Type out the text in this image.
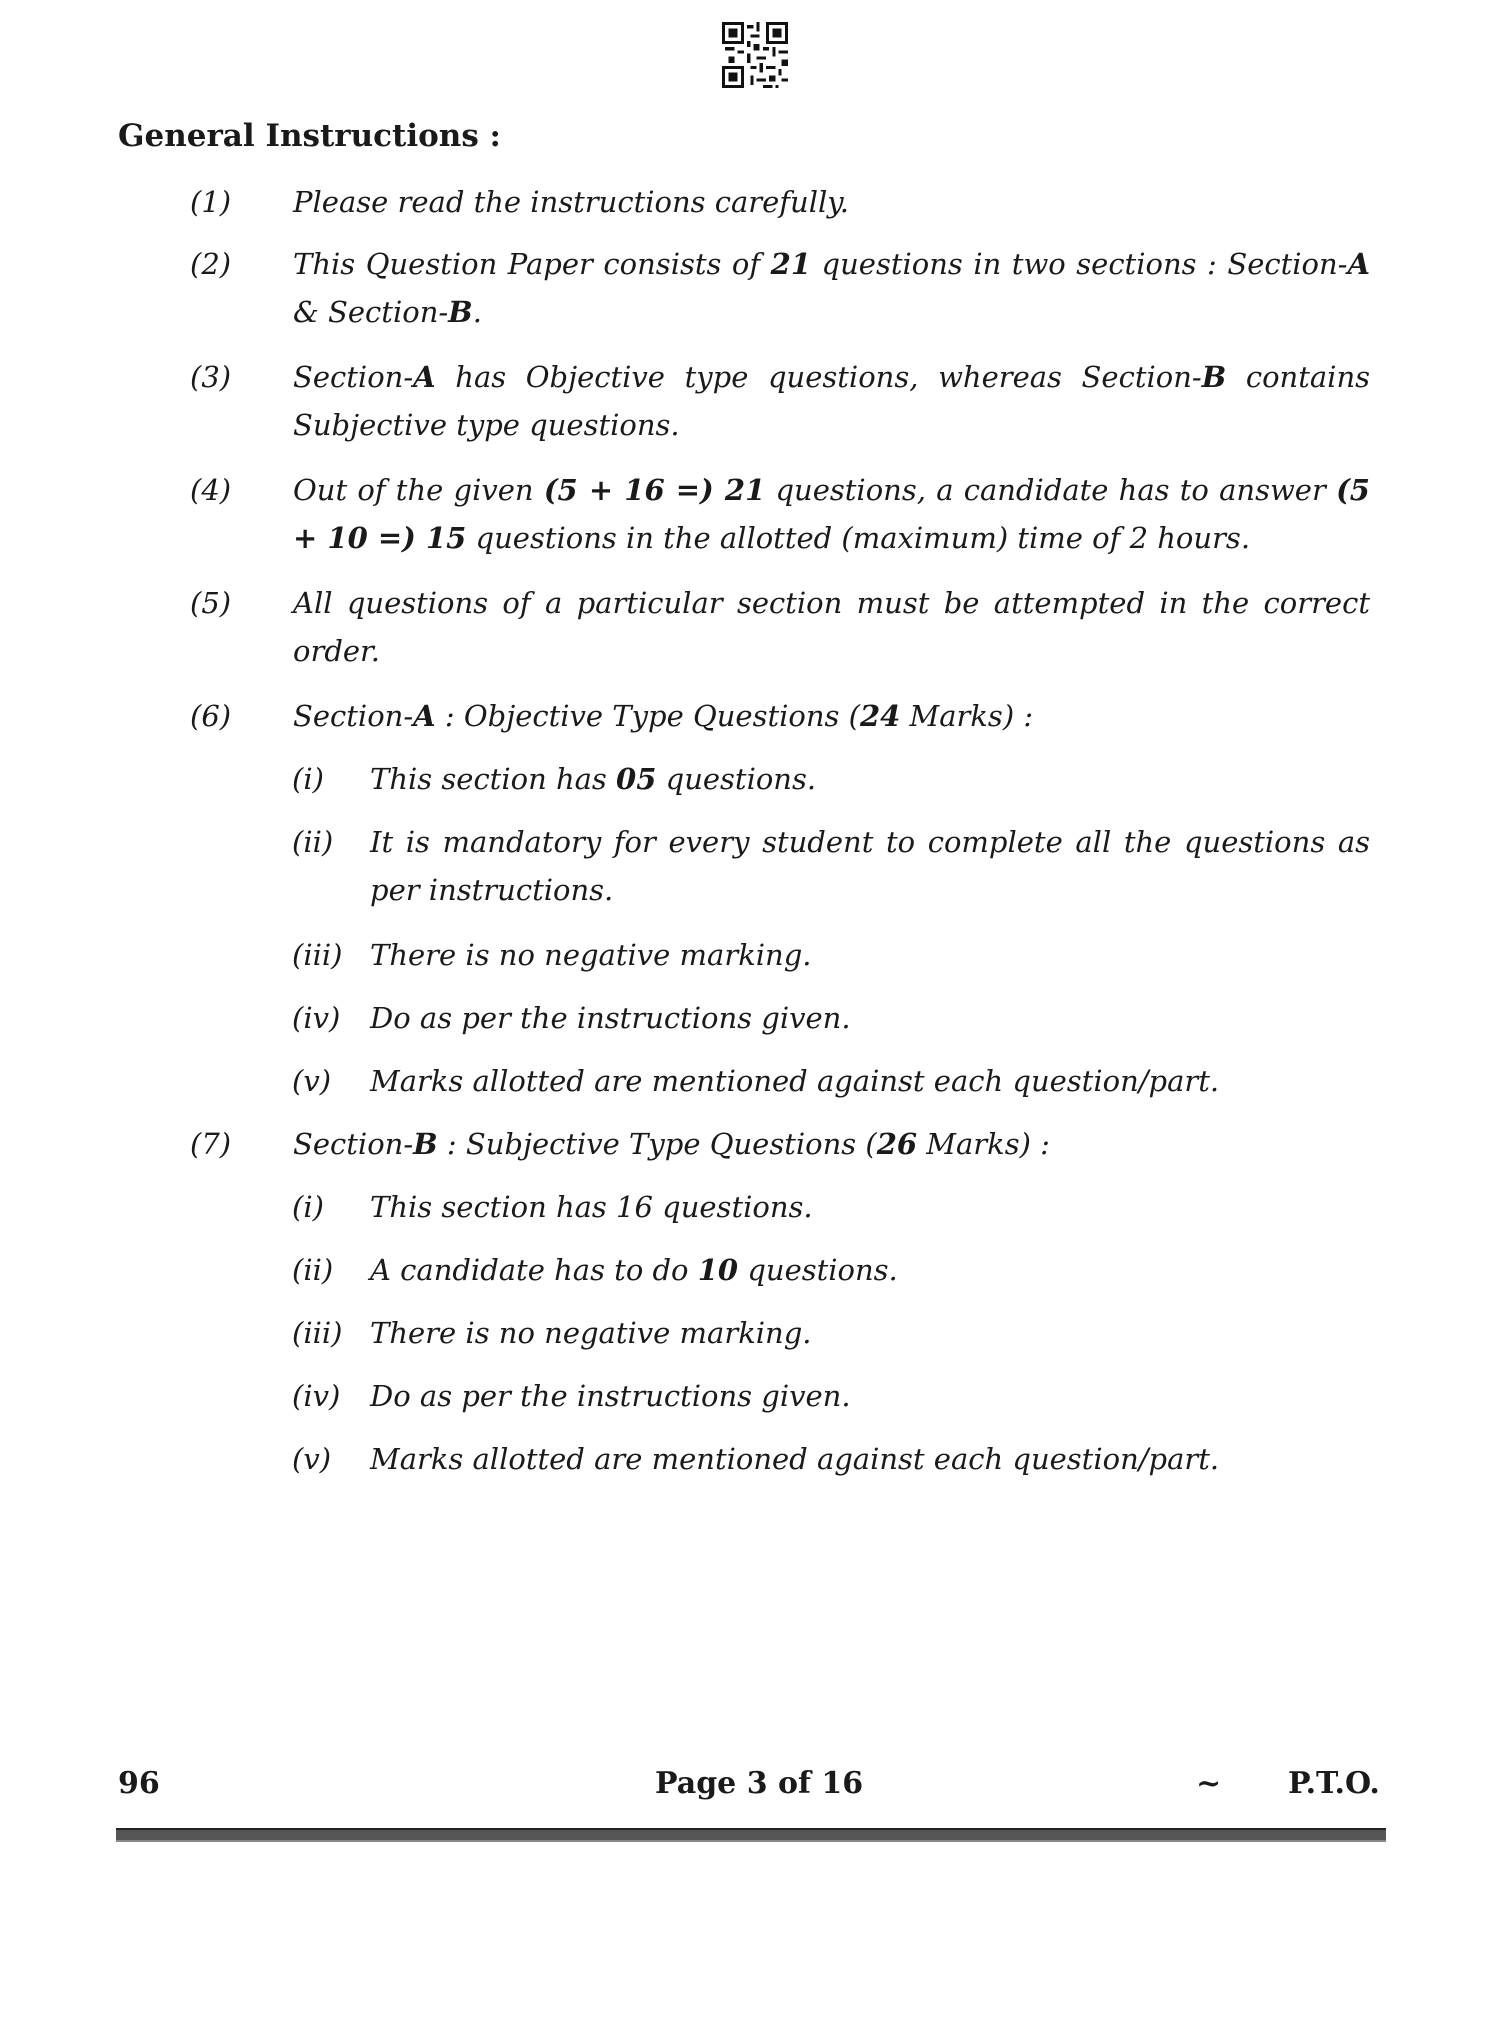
General Instructions :
(1) Please read the instructions carefully.
(2) This Question Paper consists of 21 questions in two sections : Section-A & Section-B.
(3) Section-A has Objective type questions, whereas Section-B contains Subjective type questions.
(4) Out of the given (5 + 16 =) 21 questions, a candidate has to answer (5 + 10 =) 15 questions in the allotted (maximum) time of 2 hours.
(5) All questions of a particular section must be attempted in the correct order.
(6) Section-A : Objective Type Questions (24 Marks) :
(i) This section has 05 questions.
(ii) It is mandatory for every student to complete all the questions as per instructions.
(iii) There is no negative marking.
(iv) Do as per the instructions given.
(v) Marks allotted are mentioned against each question/part.
(7) Section-B : Subjective Type Questions (26 Marks) :
(i) This section has 16 questions.
(ii) A candidate has to do 10 questions.
(iii) There is no negative marking.
(iv) Do as per the instructions given.
(v) Marks allotted are mentioned against each question/part.
96	Page 3 of 16	~ P.T.O.
